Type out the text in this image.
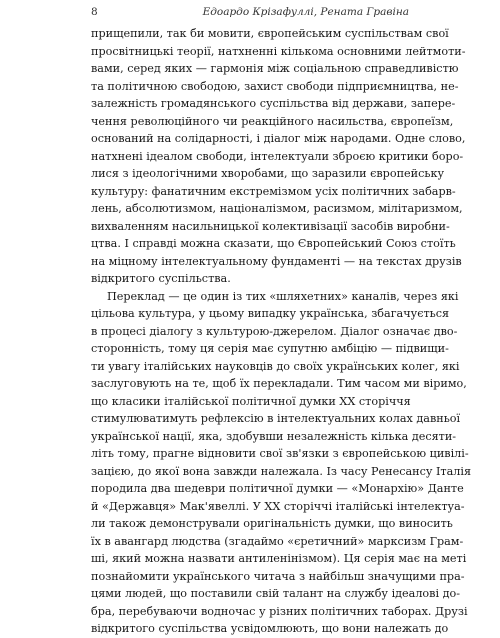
8	Едоардо Крізафуллі, Рената Гравіна
прищепили, так би мовити, європейським суспільствам свої
просвітницькі теорії, натхненні кількома основними лейтмоти-
вами, серед яких — гармонія між соціальною справедливістю
та політичною свободою, захист свободи підприємництва, не-
залежність громадянського суспільства від держави, запере-
чення революційного чи реакційного насильства, європеїзм,
оснований на солідарності, і діалог між народами. Одне слово,
натхнені ідеалом свободи, інтелектуали зброєю критики боро-
лися з ідеологічними хворобами, що заразили європейську
культуру: фанатичним екстремізмом усіх політичних забарв-
лень, абсолютизмом, націоналізмом, расизмом, мілітаризмом,
вихваленням насильницької колективізації засобів виробни-
цтва. І справді можна сказати, що Європейський Союз стоїть
на міцному інтелектуальному фундаменті — на текстах друзів
відкритого суспільства.
Переклад — це один із тих «шляхетних» каналів, через які
цільова культура, у цьому випадку українська, збагачується
в процесі діалогу з культурою-джерелом. Діалог означає дво-
сторонність, тому ця серія має супутню амбіцію — підвищи-
ти увагу італійських науковців до своїх українських колег, які
заслуговують на те, щоб їх перекладали. Тим часом ми віримо,
що класики італійської політичної думки XX сторіччя
стимулюватимуть рефлексію в інтелектуальних колах давньої
української нації, яка, здобувши незалежність кілька десяти-
літь тому, прагне відновити свої зв'язки з європейською цивілі-
зацією, до якої вона завжди належала. Із часу Ренесансу Італія
породила два шедеври політичної думки — «Монархію» Данте
й «Державця» Мак'явеллі. У XX сторіччі італійські інтелектуа-
ли також демонстрували оригінальність думки, що виносить
їх в авангард людства (згадаймо «єретичний» марксизм Грам-
ші, який можна назвати антиленінізмом). Ця серія має на меті
познайомити українського читача з найбільш значущими пра-
цями людей, що поставили свій талант на службу ідеалові до-
бра, перебуваючи водночас у різних політичних таборах. Друзі
відкритого суспільства усвідомлюють, що вони належать до
